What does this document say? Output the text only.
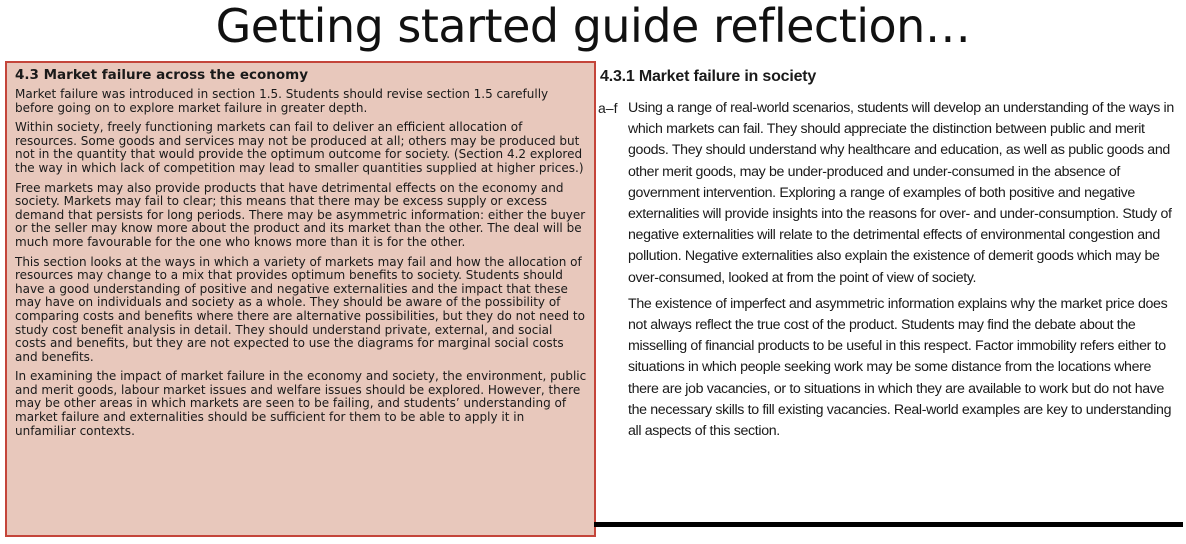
Getting started guide reflection…
4.3 Market failure across the economy

Market failure was introduced in section 1.5. Students should revise section 1.5 carefully before going on to explore market failure in greater depth.

Within society, freely functioning markets can fail to deliver an efficient allocation of resources. Some goods and services may not be produced at all; others may be produced but not in the quantity that would provide the optimum outcome for society. (Section 4.2 explored the way in which lack of competition may lead to smaller quantities supplied at higher prices.)

Free markets may also provide products that have detrimental effects on the economy and society. Markets may fail to clear; this means that there may be excess supply or excess demand that persists for long periods. There may be asymmetric information: either the buyer or the seller may know more about the product and its market than the other. The deal will be much more favourable for the one who knows more than it is for the other.

This section looks at the ways in which a variety of markets may fail and how the allocation of resources may change to a mix that provides optimum benefits to society. Students should have a good understanding of positive and negative externalities and the impact that these may have on individuals and society as a whole. They should be aware of the possibility of comparing costs and benefits where there are alternative possibilities, but they do not need to study cost benefit analysis in detail. They should understand private, external, and social costs and benefits, but they are not expected to use the diagrams for marginal social costs and benefits.

In examining the impact of market failure in the economy and society, the environment, public and merit goods, labour market issues and welfare issues should be explored. However, there may be other areas in which markets are seen to be failing, and students’ understanding of market failure and externalities should be sufficient for them to be able to apply it in unfamiliar contexts.

4.3.1 Market failure in society
a–f Using a range of real-world scenarios, students will develop an understanding of the ways in which markets can fail. They should appreciate the distinction between public and merit goods. They should understand why healthcare and education, as well as public goods and other merit goods, may be under-produced and under-consumed in the absence of government intervention. Exploring a range of examples of both positive and negative externalities will provide insights into the reasons for over- and under-consumption. Study of negative externalities will relate to the detrimental effects of environmental congestion and pollution. Negative externalities also explain the existence of demerit goods which may be over-consumed, looked at from the point of view of society.

The existence of imperfect and asymmetric information explains why the market price does not always reflect the true cost of the product. Students may find the debate about the misselling of financial products to be useful in this respect. Factor immobility refers either to situations in which people seeking work may be some distance from the locations where there are job vacancies, or to situations in which they are available to work but do not have the necessary skills to fill existing vacancies. Real-world examples are key to understanding all aspects of this section.
